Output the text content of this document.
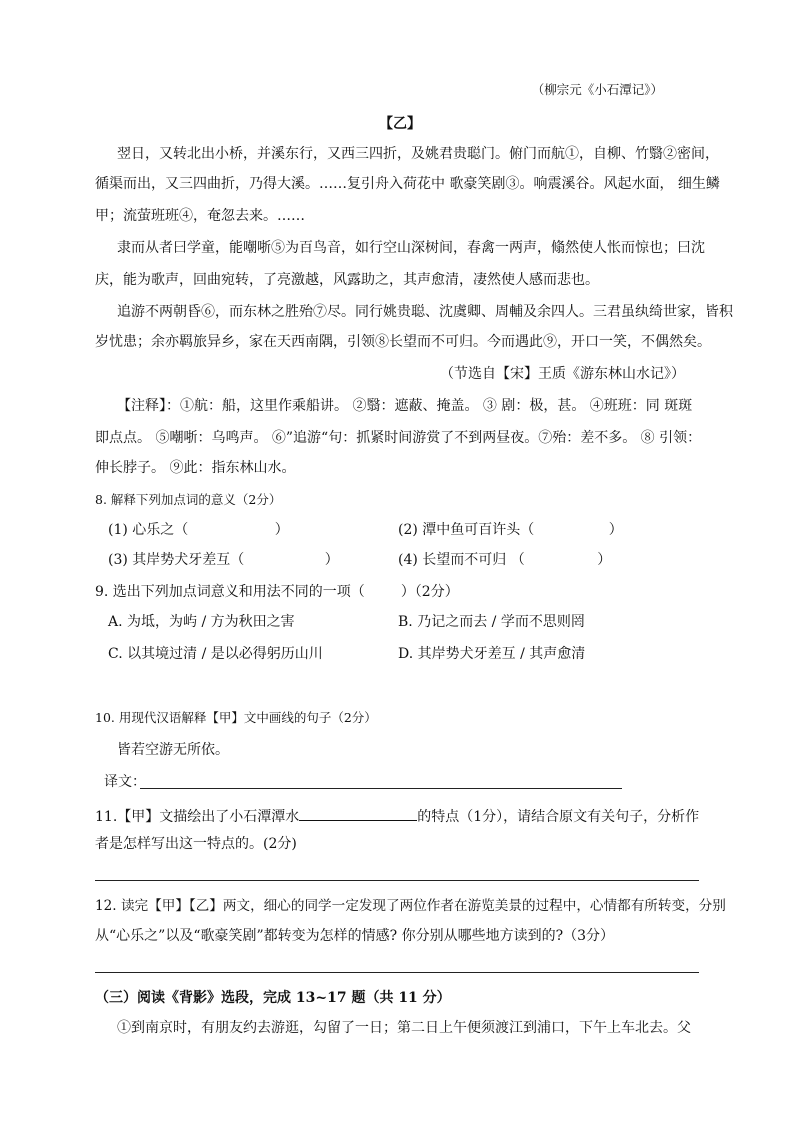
（柳宗元《小石潭记》）
【乙】
翌日，又转北出小桥，并溪东行，又西三四折，及姚君贵聪门。俯门而航①，自柳、竹翳②密间，
循渠而出，又三四曲折，乃得大溪。……复引舟入荷花中 歌豪笑剧③。响震溪谷。风起水面， 细生鳞
甲；流萤班班④，奄忽去来。……
隶而从者曰学童，能嘲哳⑤为百鸟音，如行空山深树间，春禽一两声，翛然使人怅而惊也；曰沈
庆，能为歌声，回曲宛转，了亮激越，风露助之，其声愈清，凄然使人感而悲也。
追游不两朝昏⑥，而东林之胜殆⑦尽。同行姚贵聪、沈虞卿、周輔及余四人。三君虽纨绮世家，皆积
岁忧患；余亦羁旅异乡，家在天西南隅，引领⑧长望而不可归。今而遇此⑨，开口一笑，不偶然矣。
（节选自【宋】王质《游东林山水记》）
【注释】：①航：船，这里作乘船讲。 ②翳：遮蔽、掩盖。 ③ 剧：极，甚。 ④班班：同 斑斑
即点点。 ⑤嘲哳：乌鸣声。 ⑥”追游“句：抓紧时间游赏了不到两昼夜。⑦殆：差不多。 ⑧ 引领：
伸长脖子。 ⑨此：指东林山水。
8. 解释下列加点词的意义（2分）
(1) 心乐之（	）	(2) 潭中鱼可百许头（	）
(3) 其岸势犬牙差互（	）	(4) 长望而不可归 （	）
9. 选出下列加点词意义和用法不同的一项（	）（2分）
A. 为坻，为屿 / 方为秋田之害	B. 乃记之而去 / 学而不思则罔
C. 以其境过清 / 是以必得躬历山川	D. 其岸势犬牙差互 / 其声愈清
10. 用现代汉语解释【甲】文中画线的句子（2分）
皆若空游无所依。
译文：
11.【甲】文描绘出了小石潭潭水	的特点（1分），请结合原文有关句子，分析作
者是怎样写出这一特点的。(2分)
12. 读完【甲】【乙】两文，细心的同学一定发现了两位作者在游览美景的过程中，心情都有所转变，分别
从“心乐之”以及“歌豪笑剧”都转变为怎样的情感? 你分别从哪些地方读到的?（3分）
（三）阅读《背影》选段，完成 13~17 题（共 11 分）
①到南京时，有朋友约去游逛，勾留了一日；第二日上午便须渡江到浦口，下午上车北去。父
